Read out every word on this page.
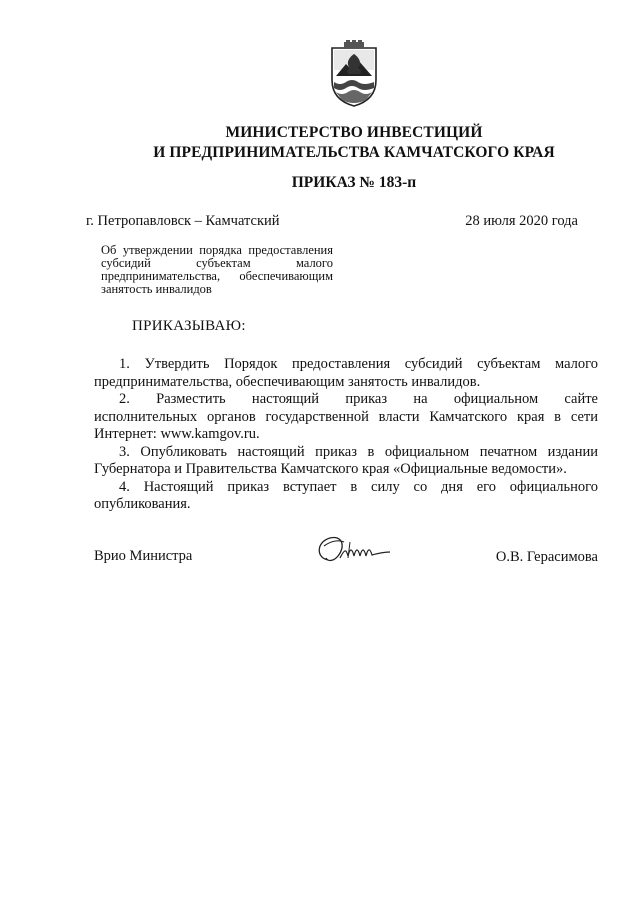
МИНИСТЕРСТВО ИНВЕСТИЦИЙ
И ПРЕДПРИНИМАТЕЛЬСТВА КАМЧАТСКОГО КРАЯ
ПРИКАЗ № 183-п
г. Петропавловск – Камчатский	28 июля 2020 года
Об утверждении порядка предоставления
субсидий субъектам малого
предпринимательства, обеспечивающим
занятость инвалидов
ПРИКАЗЫВАЮ:

1. Утвердить Порядок предоставления субсидий субъектам малого

предпринимательства, обеспечивающим занятость инвалидов.

2. Разместить настоящий приказ на официальном сайте

исполнительных органов государственной власти Камчатского края в сети

Интернет: www.kamgov.ru.

3. Опубликовать настоящий приказ в официальном печатном издании

Губернатора и Правительства Камчатского края «Официальные ведомости».

4. Настоящий приказ вступает в силу со дня его официального

опубликования.

Врио Министра	О.В. Герасимова
